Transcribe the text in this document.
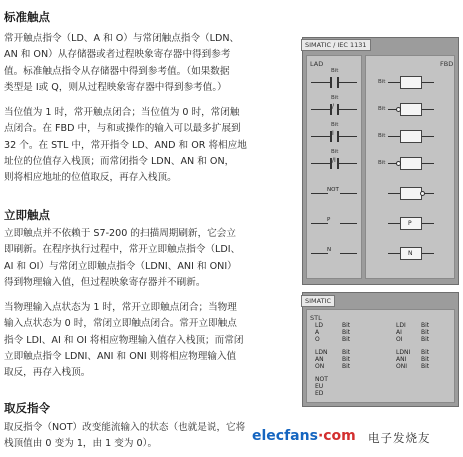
标准触点
常开触点指令（LD、A 和 O）与常闭触点指令（LDN、
AN 和 ON）从存储器或者过程映象寄存器中得到参考
值。标准触点指令从存储器中得到参考值。（如果数据
类型是 I或 Q，则从过程映象寄存器中得到参考值。）
当位值为 1 时，常开触点闭合；当位值为 0 时，常闭触
点闭合。在 FBD 中，与和或操作的输入可以最多扩展到
32 个。在 STL 中，常开指令 LD、AND 和 OR 将相应地
址位的位值存入栈顶；而常闭指令 LDN、AN 和 ON，
则将相应地址的位值取反，再存入栈顶。
立即触点
立即触点并不依赖于 S7-200 的扫描周期刷新，它会立
即刷新。在程序执行过程中，常开立即触点指令（LDI、
AI 和 OI）与常闭立即触点指令（LDNI、ANI 和 ONI）
得到物理输入值，但过程映象寄存器并不刷新。
当物理输入点状态为 1 时，常开立即触点闭合；当物理
输入点状态为 0 时，常闭立即触点闭合。常开立即触点
指令 LDI、AI 和 OI 将相应物理输入值存入栈顶；而常闭
立即触点指令 LDNI、ANI 和 ONI 则将相应物理输入值
取反，再存入栈顶。
取反指令
取反指令（NOT）改变能流输入的状态（也就是说，它将
栈顶值由 0 变为 1，由 1 变为 0）。
SIMATIC / IEC 1131
LAD	FBD
Bit
Bit
/
Bit
I
Bit
/I
NOT
P
N
Bit
Bit
Bit
Bit
P
N
SIMATIC
STL
LD
A
O

LDN
AN
ON

NOT
EU
ED
Bit
Bit
Bit

Bit
Bit
Bit
LDI
AI
OI

LDNI
ANI
ONI
Bit
Bit
Bit

Bit
Bit
Bit
elecfans·com 电子发烧友
